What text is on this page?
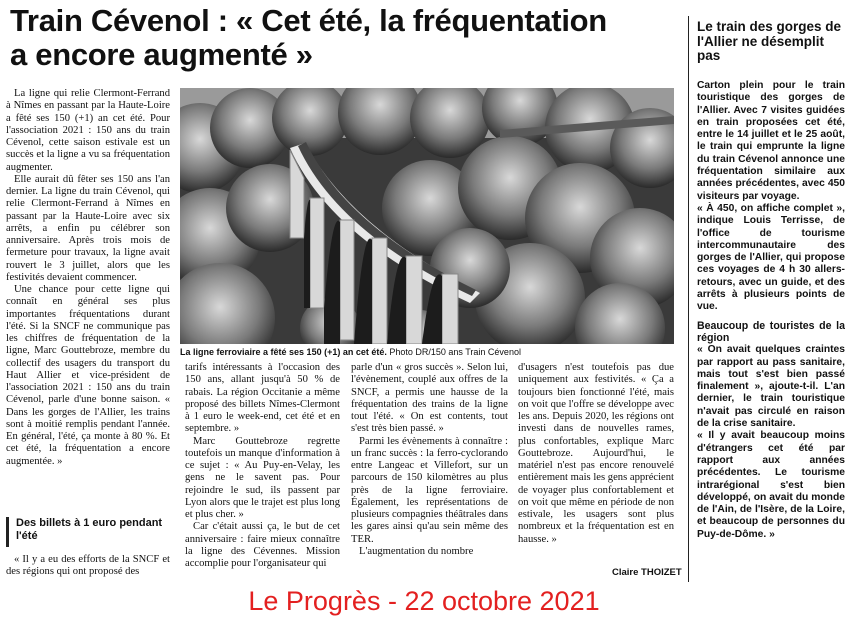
Train Cévenol : « Cet été, la fréquentation
a encore augmenté »
La ligne ferroviaire a fêté ses 150 (+1) an cet été. Photo DR/150 ans Train Cévenol

La ligne qui relie Clermont-Ferrand à Nîmes en passant par la Haute-Loire a fêté ses 150 (+1) an cet été. Pour l'association 2021 : 150 ans du train Cévenol, cette saison estivale est un succès et la ligne a vu sa fréquentation augmenter.

Elle aurait dû fêter ses 150 ans l'an dernier. La ligne du train Cévenol, qui relie Clermont-Ferrand à Nîmes en passant par la Haute-Loire avec six arrêts, a enfin pu célébrer son anniversaire. Après trois mois de fermeture pour travaux, la ligne avait rouvert le 3 juillet, alors que les festivités devaient commencer.

Une chance pour cette ligne qui connaît en général ses plus importantes fréquentations durant l'été. Si la SNCF ne communique pas les chiffres de fréquentation de la ligne, Marc Gouttebroze, membre du collectif des usagers du transport du Haut Allier et vice-président de l'association 2021 : 150 ans du train Cévenol, parle d'une bonne saison. « Dans les gorges de l'Allier, les trains sont à moitié remplis pendant l'année. En général, l'été, ça monte à 80 %. Et cet été, la fréquentation a encore augmentée. »

Des billets à 1 euro pendant l'été

« Il y a eu des efforts de la SNCF et des régions qui ont proposé des

tarifs intéressants à l'occasion des 150 ans, allant jusqu'à 50 % de rabais. La région Occitanie a même proposé des billets Nîmes-Clermont à 1 euro le week-end, cet été et en septembre. »

Marc Gouttebroze regrette toutefois un manque d'information à ce sujet : « Au Puy-en-Velay, les gens ne le savent pas. Pour rejoindre le sud, ils passent par Lyon alors que le trajet est plus long et plus cher. »

Car c'était aussi ça, le but de cet anniversaire : faire mieux connaître la ligne des Cévennes. Mission accomplie pour l'organisateur qui

parle d'un « gros succès ». Selon lui, l'évènement, couplé aux offres de la SNCF, a permis une hausse de la fréquentation des trains de la ligne tout l'été. « On est contents, tout s'est très bien passé. »

Parmi les évènements à connaître : un franc succès : la ferro-cyclorando entre Langeac et Villefort, sur un parcours de 150 kilomètres au plus près de la ligne ferroviaire. Également, les représentations de plusieurs compagnies théâtrales dans les gares ainsi qu'au sein même des TER.

L'augmentation du nombre

d'usagers n'est toutefois pas due uniquement aux festivités. « Ça a toujours bien fonctionné l'été, mais on voit que l'offre se développe avec les ans. Depuis 2020, les régions ont investi dans de nouvelles rames, plus confortables, explique Marc Gouttebroze. Aujourd'hui, le matériel n'est pas encore renouvelé entièrement mais les gens apprécient de voyager plus confortablement et on voit que même en période de non estivale, les usagers sont plus nombreux et la fréquentation est en hausse. »

Claire THOIZET
Le train des gorges de l'Allier ne désemplit pas

Carton plein pour le train touristique des gorges de l'Allier. Avec 7 visites guidées en train proposées cet été, entre le 14 juillet et le 25 août, le train qui emprunte la ligne du train Cévenol annonce une fréquentation similaire aux années précédentes, avec 450 visiteurs par voyage.

« À 450, on affiche complet », indique Louis Terrisse, de l'office de tourisme intercommunautaire des gorges de l'Allier, qui propose ces voyages de 4 h 30 allers-retours, avec un guide, et des arrêts à plusieurs points de vue.

Beaucoup de touristes de la région

« On avait quelques craintes par rapport au pass sanitaire, mais tout s'est bien passé finalement », ajoute-t-il. L'an dernier, le train touristique n'avait pas circulé en raison de la crise sanitaire.

« Il y avait beaucoup moins d'étrangers cet été par rapport aux années précédentes. Le tourisme intrarégional s'est bien développé, on avait du monde de l'Ain, de l'Isère, de la Loire, et beaucoup de personnes du Puy-de-Dôme. »

Le Progrès - 22 octobre 2021
